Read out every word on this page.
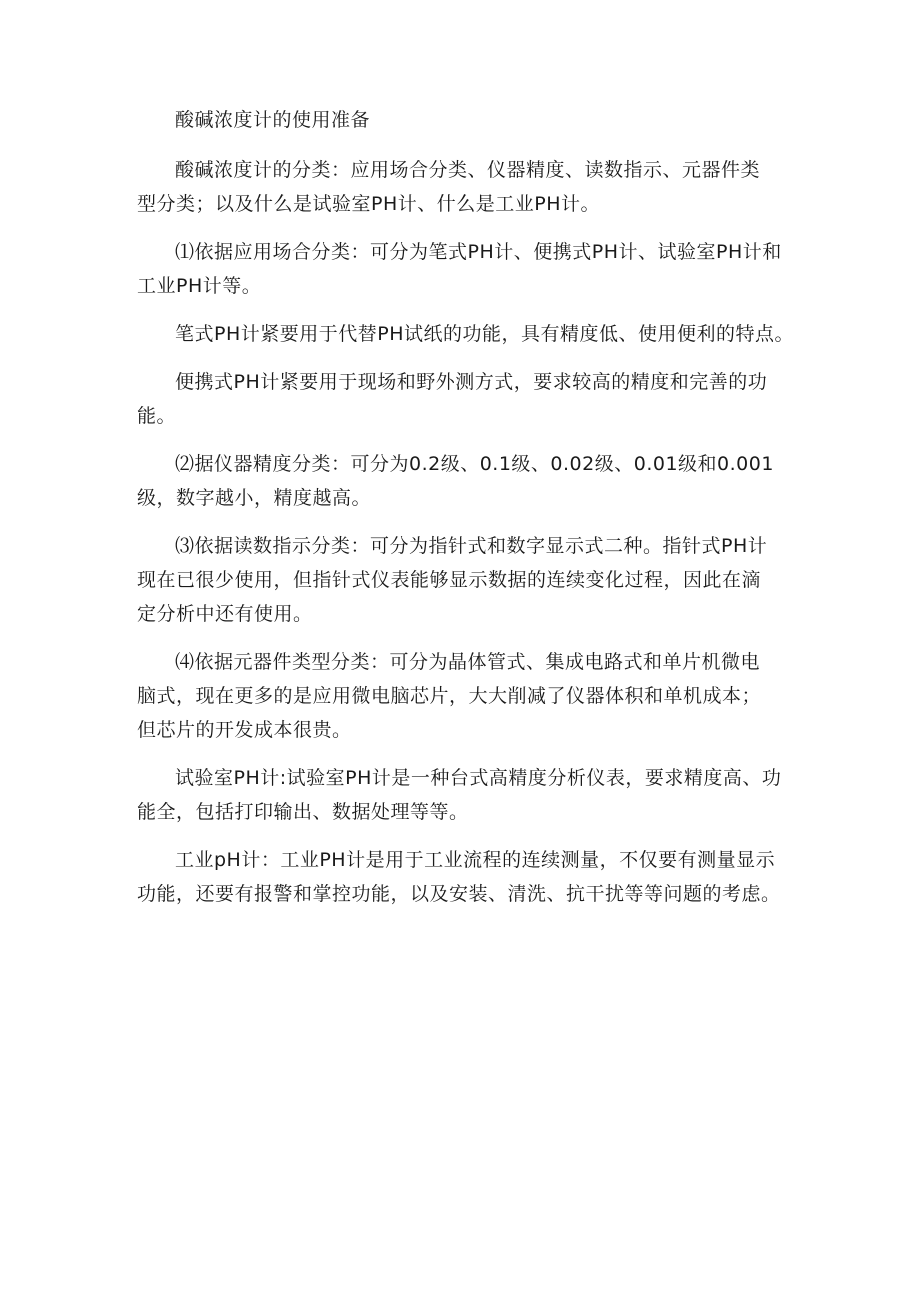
酸碱浓度计的使用准备

酸碱浓度计的分类：应用场合分类、仪器精度、读数指示、元器件类
型分类；以及什么是试验室PH计、什么是工业PH计。

⑴依据应用场合分类：可分为笔式PH计、便携式PH计、试验室PH计和
工业PH计等。

笔式PH计紧要用于代替PH试纸的功能，具有精度低、使用便利的特点。

便携式PH计紧要用于现场和野外测方式，要求较高的精度和完善的功
能。

⑵据仪器精度分类：可分为0.2级、0.1级、0.02级、0.01级和0.001
级，数字越小，精度越高。

⑶依据读数指示分类：可分为指针式和数字显示式二种。指针式PH计
现在已很少使用，但指针式仪表能够显示数据的连续变化过程，因此在滴
定分析中还有使用。

⑷依据元器件类型分类：可分为晶体管式、集成电路式和单片机微电
脑式，现在更多的是应用微电脑芯片，大大削减了仪器体积和单机成本；
但芯片的开发成本很贵。

试验室PH计:试验室PH计是一种台式高精度分析仪表，要求精度高、功
能全，包括打印输出、数据处理等等。

工业pH计：工业PH计是用于工业流程的连续测量，不仅要有测量显示
功能，还要有报警和掌控功能，以及安装、清洗、抗干扰等等问题的考虑。
